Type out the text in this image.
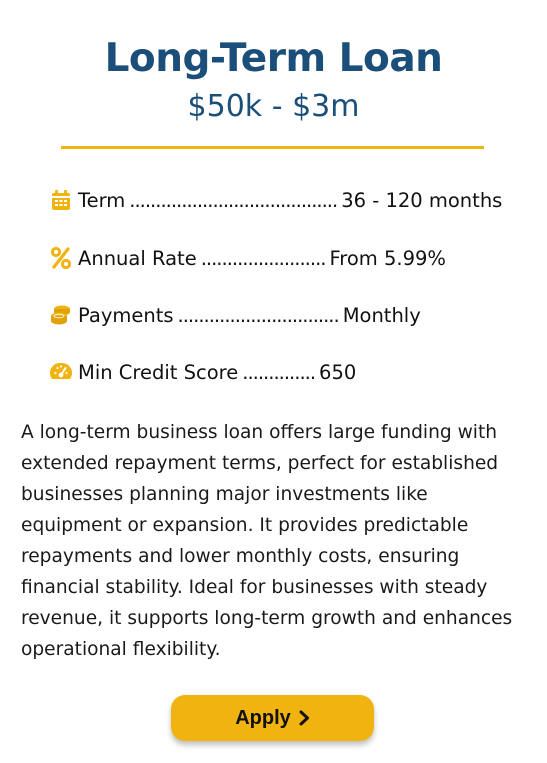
Long-Term Loan
$50k - $3m
Term ........................................ 36 - 120 months
Annual Rate ........................ From 5.99%
Payments ............................... Monthly
Min Credit Score .............. 650

A long-term business loan offers large funding with extended repayment terms, perfect for established businesses planning major investments like equipment or expansion. It provides predictable repayments and lower monthly costs, ensuring financial stability. Ideal for businesses with steady revenue, it supports long-term growth and enhances operational flexibility.

Apply
